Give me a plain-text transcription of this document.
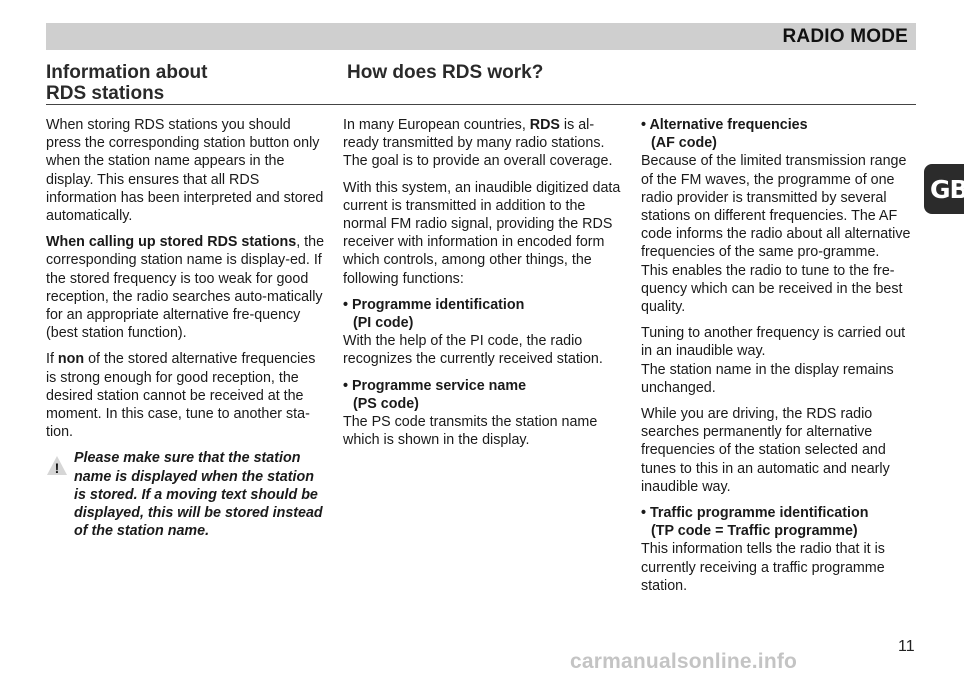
RADIO MODE
Information about
RDS stations
How does RDS work?

When storing RDS stations you should press the corresponding station button only when the station name appears in the display. This ensures that all RDS information has been interpreted and stored automatically.

When calling up stored RDS stations, the corresponding station name is display-ed. If the stored frequency is too weak for good reception, the radio searches auto-matically for an appropriate alternative fre-quency (best station function).

If non of the stored alternative frequencies is strong enough for good reception, the desired station cannot be received at the moment. In this case, tune to another sta-tion.

!
Please make sure that the station name is displayed when the station is stored. If a moving text should be displayed, this will be stored instead of the station name.

In many European countries, RDS is al-ready transmitted by many radio stations. The goal is to provide an overall coverage.

With this system, an inaudible digitized data current is transmitted in addition to the normal FM radio signal, providing the RDS receiver with information in encoded form which controls, among other things, the following functions:

• Programme identification
(PI code)

With the help of the PI code, the radio recognizes the currently received station.

• Programme service name
(PS code)

The PS code transmits the station name which is shown in the display.

• Alternative frequencies
(AF code)

Because of the limited transmission range of the FM waves, the programme of one radio provider is transmitted by several stations on different frequencies. The AF code informs the radio about all alternative frequencies of the same pro-gramme.
This enables the radio to tune to the fre-quency which can be received in the best quality.

Tuning to another frequency is carried out in an inaudible way.
The station name in the display remains unchanged.

While you are driving, the RDS radio searches permanently for alternative frequencies of the station selected and tunes to this in an automatic and nearly inaudible way.

• Traffic programme identification
(TP code = Traffic programme)

This information tells the radio that it is currently receiving a traffic programme station.

GB
11
carmanualsonline.info
